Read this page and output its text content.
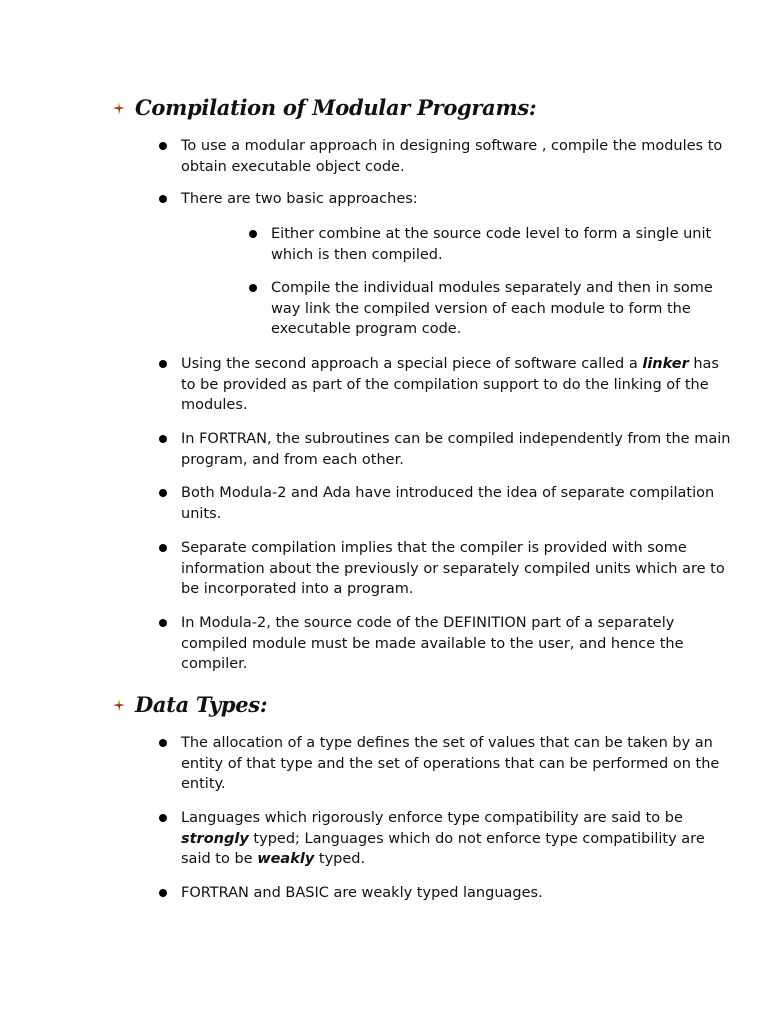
Compilation of Modular Programs:
To use a modular approach in designing software , compile the modules to obtain executable object code.
There are two basic approaches:
Either combine at the source code level to form a single unit which is then compiled.
Compile the individual modules separately and then in some way link the compiled version of each module to form the executable program code.
Using the second approach a special piece of software called a linker has to be provided as part of the compilation support to do the linking of the modules.
In FORTRAN, the subroutines can be compiled independently from the main program, and from each other.
Both Modula-2 and Ada have introduced the idea of separate compilation units.
Separate compilation implies that the compiler is provided with some information about the previously or separately compiled units which are to be incorporated into a program.
In Modula-2, the source code of the DEFINITION part of a separately compiled module must be made available to the user, and hence the compiler.
Data Types:
The allocation of a type defines the set of values that can be taken by an entity of that type and the set of operations that can be performed on the entity.
Languages which rigorously enforce type compatibility are said to be strongly typed; Languages which do not enforce type compatibility are said to be weakly typed.
FORTRAN and BASIC are weakly typed languages.
